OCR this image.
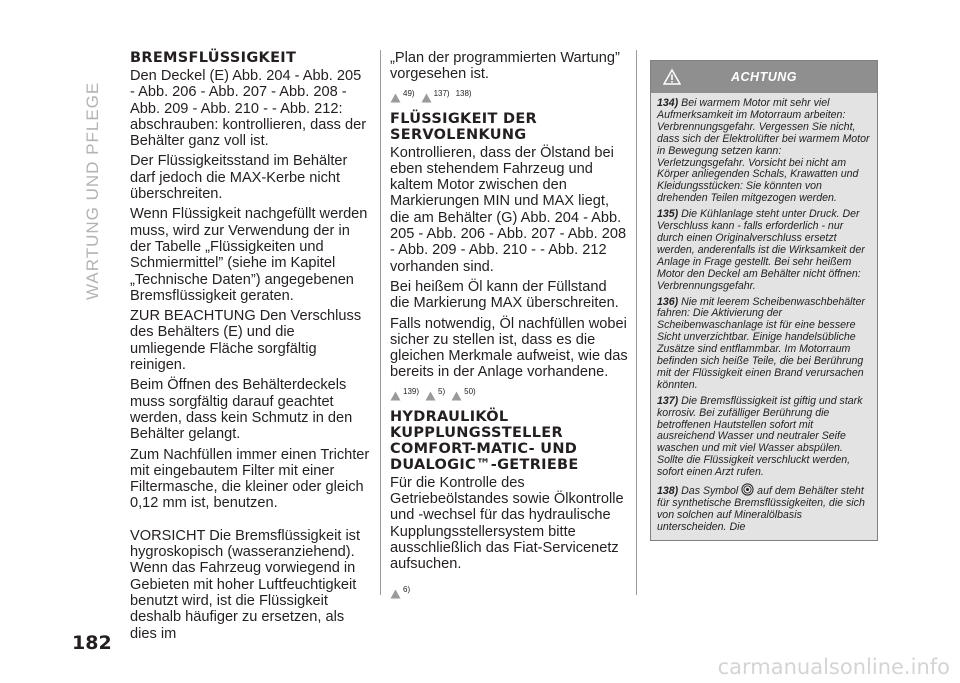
WARTUNG UND PFLEGE
BREMSFLÜSSIGKEIT

Den Deckel (E) Abb. 204 - Abb. 205 - Abb. 206 - Abb. 207 - Abb. 208 - Abb. 209 - Abb. 210 - - Abb. 212: abschrauben: kontrollieren, dass der Behälter ganz voll ist.

Der Flüssigkeitsstand im Behälter darf jedoch die MAX-Kerbe nicht überschreiten.

Wenn Flüssigkeit nachgefüllt werden muss, wird zur Verwendung der in der Tabelle „Flüssigkeiten und Schmiermittel” (siehe im Kapitel „Technische Daten”) angegebenen Bremsflüssigkeit geraten.

ZUR BEACHTUNG Den Verschluss des Behälters (E) und die umliegende Fläche sorgfältig reinigen.

Beim Öffnen des Behälterdeckels muss sorgfältig darauf geachtet werden, dass kein Schmutz in den Behälter gelangt.

Zum Nachfüllen immer einen Trichter mit eingebautem Filter mit einer Filtermasche, die kleiner oder gleich 0,12 mm ist, benutzen.

VORSICHT Die Bremsflüssigkeit ist hygroskopisch (wasseranziehend). Wenn das Fahrzeug vorwiegend in Gebieten mit hoher Luftfeuchtigkeit benutzt wird, ist die Flüssigkeit deshalb häufiger zu ersetzen, als dies im

„Plan der programmierten Wartung” vorgesehen ist.

49) 137) 138)
FLÜSSIGKEIT DER SERVOLENKUNG

Kontrollieren, dass der Ölstand bei eben stehendem Fahrzeug und kaltem Motor zwischen den Markierungen MIN und MAX liegt, die am Behälter (G) Abb. 204 - Abb. 205 - Abb. 206 - Abb. 207 - Abb. 208 - Abb. 209 - Abb. 210 - - Abb. 212 vorhanden sind.

Bei heißem Öl kann der Füllstand die Markierung MAX überschreiten.

Falls notwendig, Öl nachfüllen wobei sicher zu stellen ist, dass es die gleichen Merkmale aufweist, wie das bereits in der Anlage vorhandene.

139) 5) 50)
HYDRAULIKÖL KUPPLUNGSSTELLER COMFORT-MATIC- UND DUALOGIC™-GETRIEBE

Für die Kontrolle des Getriebeölstandes sowie Ölkontrolle und -wechsel für das hydraulische Kupplungsstellersystem bitte ausschließlich das Fiat-Servicenetz aufsuchen.

6)
ACHTUNG

134) Bei warmem Motor mit sehr viel Aufmerksamkeit im Motorraum arbeiten: Verbrennungsgefahr. Vergessen Sie nicht, dass sich der Elektrolüfter bei warmem Motor in Bewegung setzen kann: Verletzungsgefahr. Vorsicht bei nicht am Körper anliegenden Schals, Krawatten und Kleidungsstücken: Sie könnten von drehenden Teilen mitgezogen werden.

135) Die Kühlanlage steht unter Druck. Der Verschluss kann - falls erforderlich - nur durch einen Originalverschluss ersetzt werden, anderenfalls ist die Wirksamkeit der Anlage in Frage gestellt. Bei sehr heißem Motor den Deckel am Behälter nicht öffnen: Verbrennungsgefahr.

136) Nie mit leerem Scheibenwaschbehälter fahren: Die Aktivierung der Scheibenwaschanlage ist für eine bessere Sicht unverzichtbar. Einige handelsübliche Zusätze sind entflammbar. Im Motorraum befinden sich heiße Teile, die bei Berührung mit der Flüssigkeit einen Brand verursachen könnten.

137) Die Bremsflüssigkeit ist giftig und stark korrosiv. Bei zufälliger Berührung die betroffenen Hautstellen sofort mit ausreichend Wasser und neutraler Seife waschen und mit viel Wasser abspülen. Sollte die Flüssigkeit verschluckt werden, sofort einen Arzt rufen.

138) Das Symbol auf dem Behälter steht für synthetische Bremsflüssigkeiten, die sich von solchen auf Mineralölbasis unterscheiden. Die

182
carmanualsonline.info
